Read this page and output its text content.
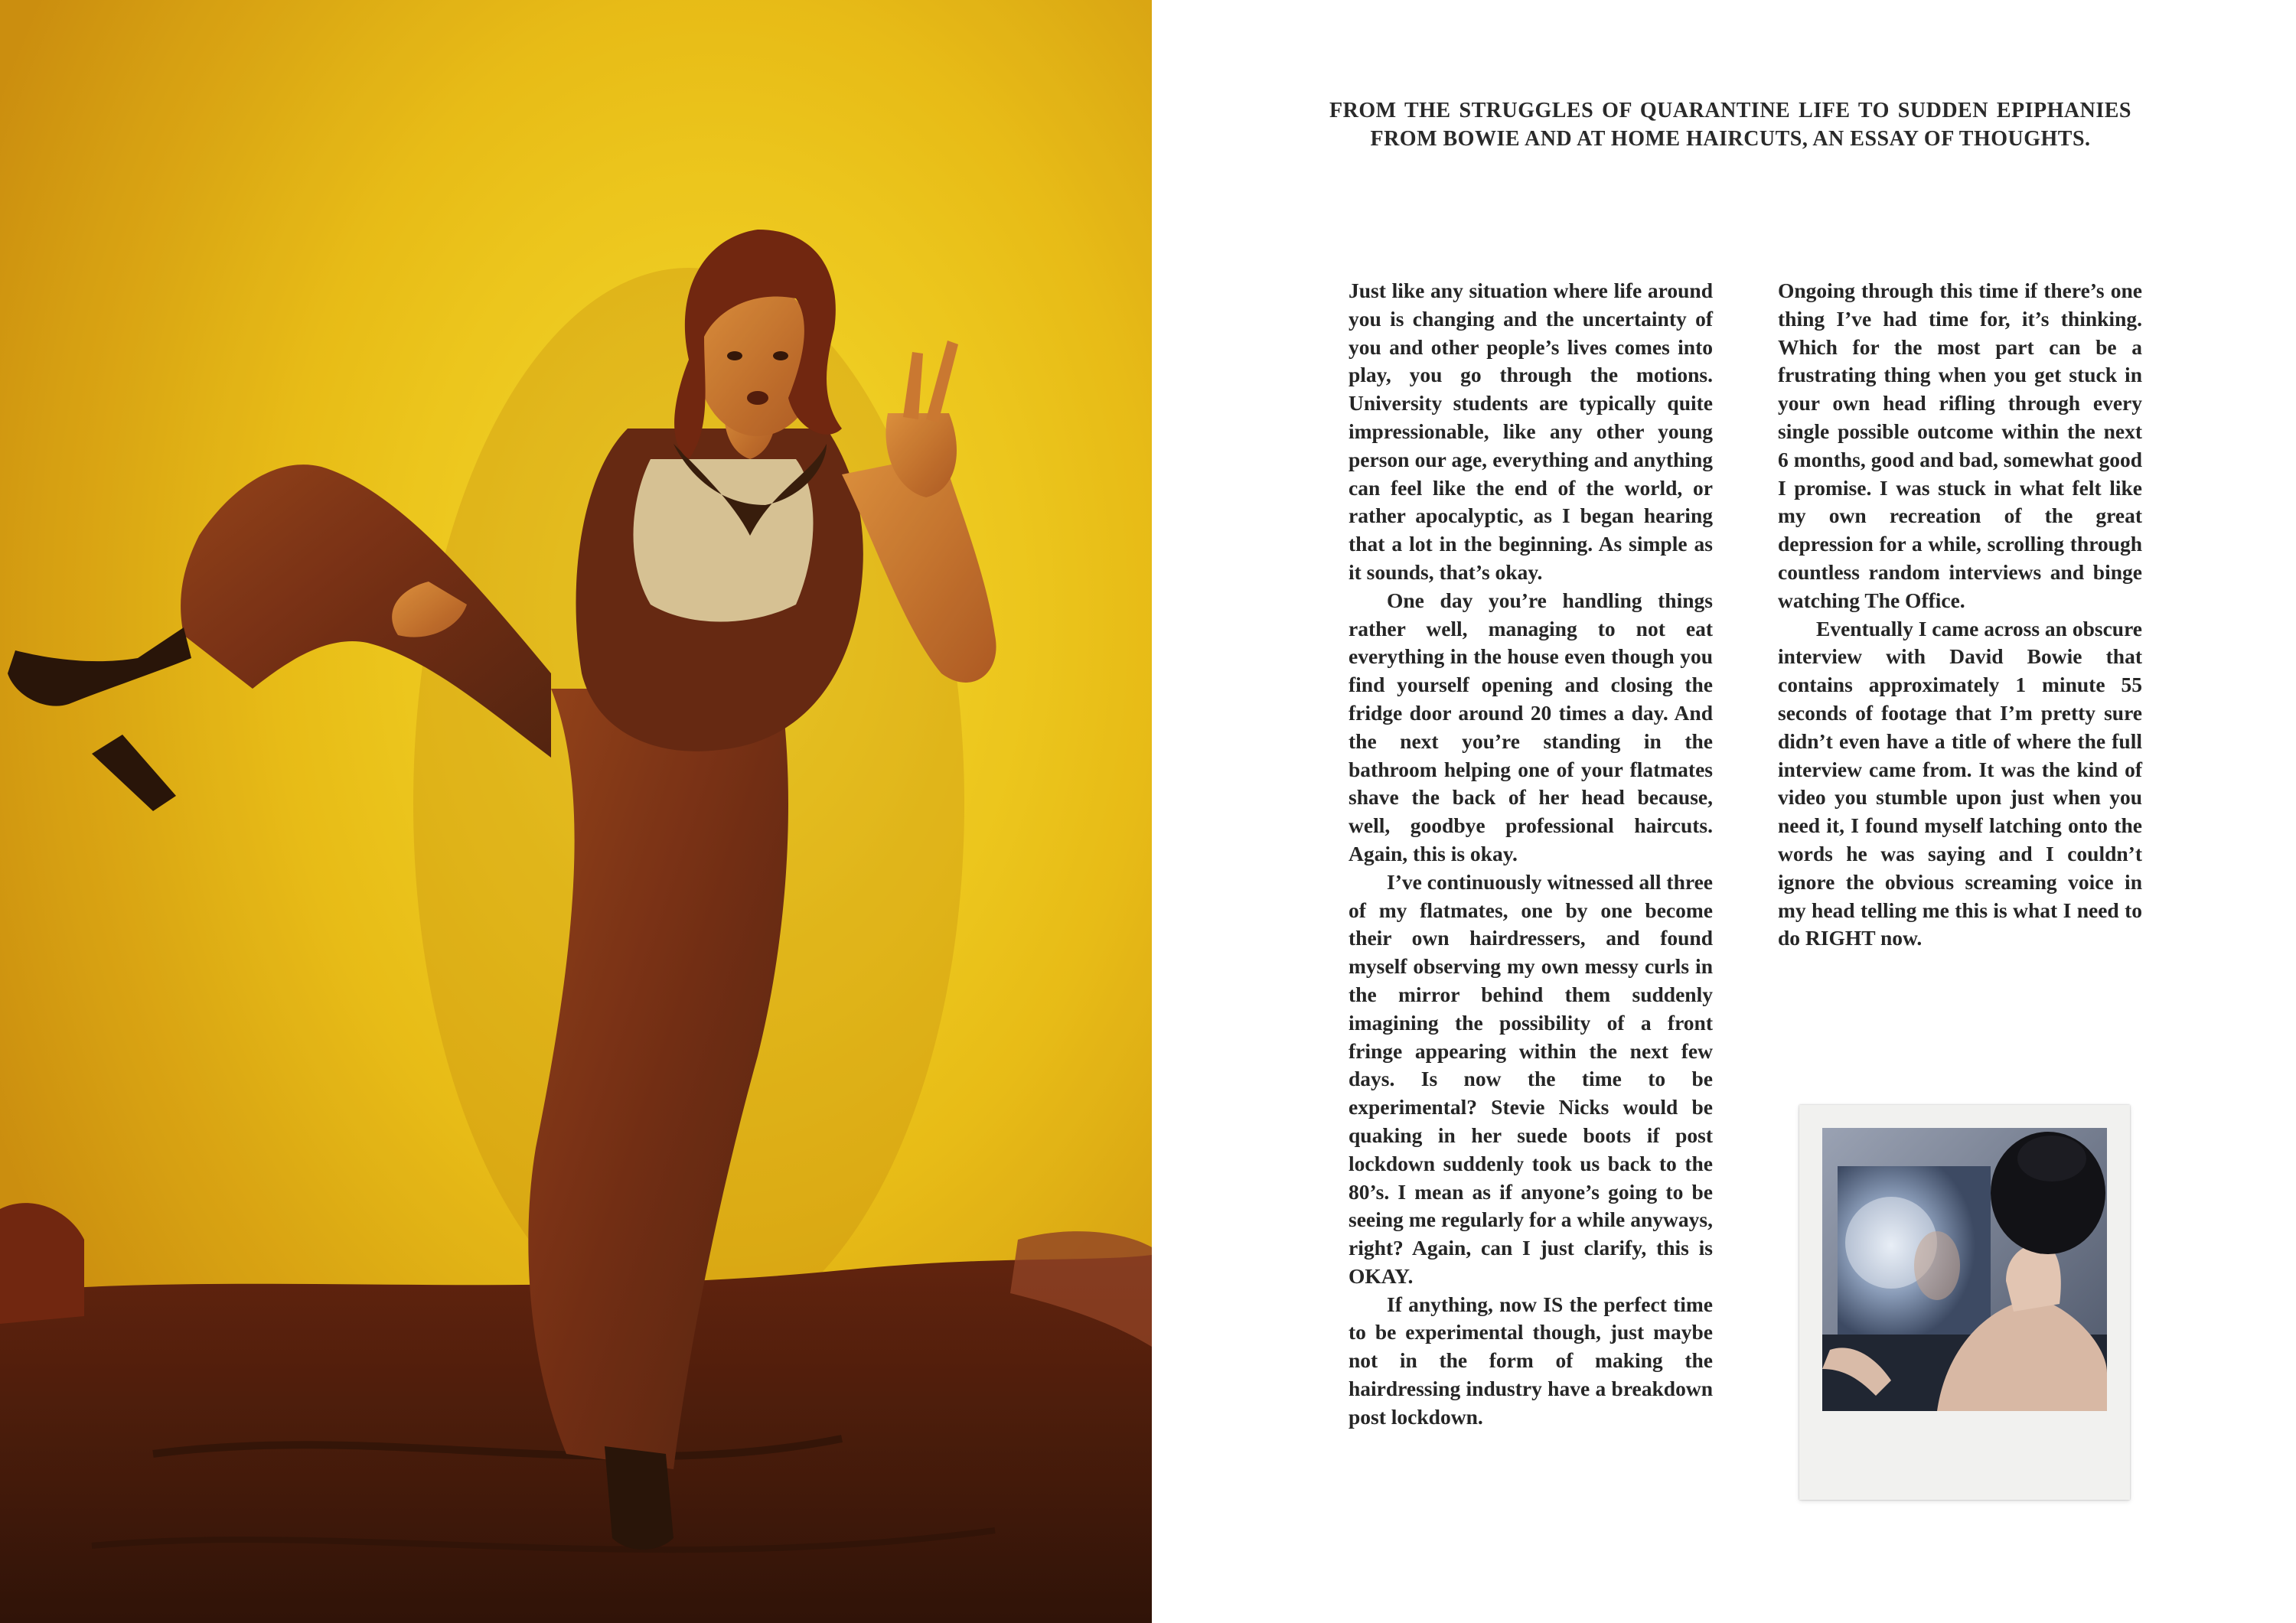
FROM THE STRUGGLES OF QUARANTINE LIFE TO SUDDEN EPIPHANIES FROM BOWIE AND AT HOME HAIRCUTS, AN ESSAY OF THOUGHTS.

Just like any situation where life around you is changing and the uncertainty of you and other people’s lives comes into play, you go through the motions. University students are typically quite impressionable, like any other young person our age, everything and anything can feel like the end of the world, or rather apocalyptic, as I began hearing that a lot in the beginning. As simple as it sounds, that’s okay.

One day you’re handling things rather well, managing to not eat everything in the house even though you find yourself opening and closing the fridge door around 20 times a day. And the next you’re standing in the bathroom helping one of your flatmates shave the back of her head because, well, goodbye professional haircuts. Again, this is okay.

I’ve continuously witnessed all three of my flatmates, one by one become their own hairdressers, and found myself observing my own messy curls in the mirror behind them suddenly imagining the possibility of a front fringe appearing within the next few days. Is now the time to be experimental? Stevie Nicks would be quaking in her suede boots if post lockdown suddenly took us back to the 80’s. I mean as if anyone’s going to be seeing me regularly for a while anyways, right? Again, can I just clarify, this is OKAY.

If anything, now IS the perfect time to be experimental though, just maybe not in the form of making the hairdressing industry have a breakdown post lockdown.

Ongoing through this time if there’s one thing I’ve had time for, it’s thinking. Which for the most part can be a frustrating thing when you get stuck in your own head rifling through every single possible outcome within the next 6 months, good and bad, somewhat good I promise. I was stuck in what felt like my own recreation of the great depression for a while, scrolling through countless random interviews and binge watching The Office.

Eventually I came across an obscure interview with David Bowie that contains approximately 1 minute 55 seconds of footage that I’m pretty sure didn’t even have a title of where the full interview came from. It was the kind of video you stumble upon just when you need it, I found myself latching onto the words he was saying and I couldn’t ignore the obvious screaming voice in my head telling me this is what I need to do RIGHT now.
